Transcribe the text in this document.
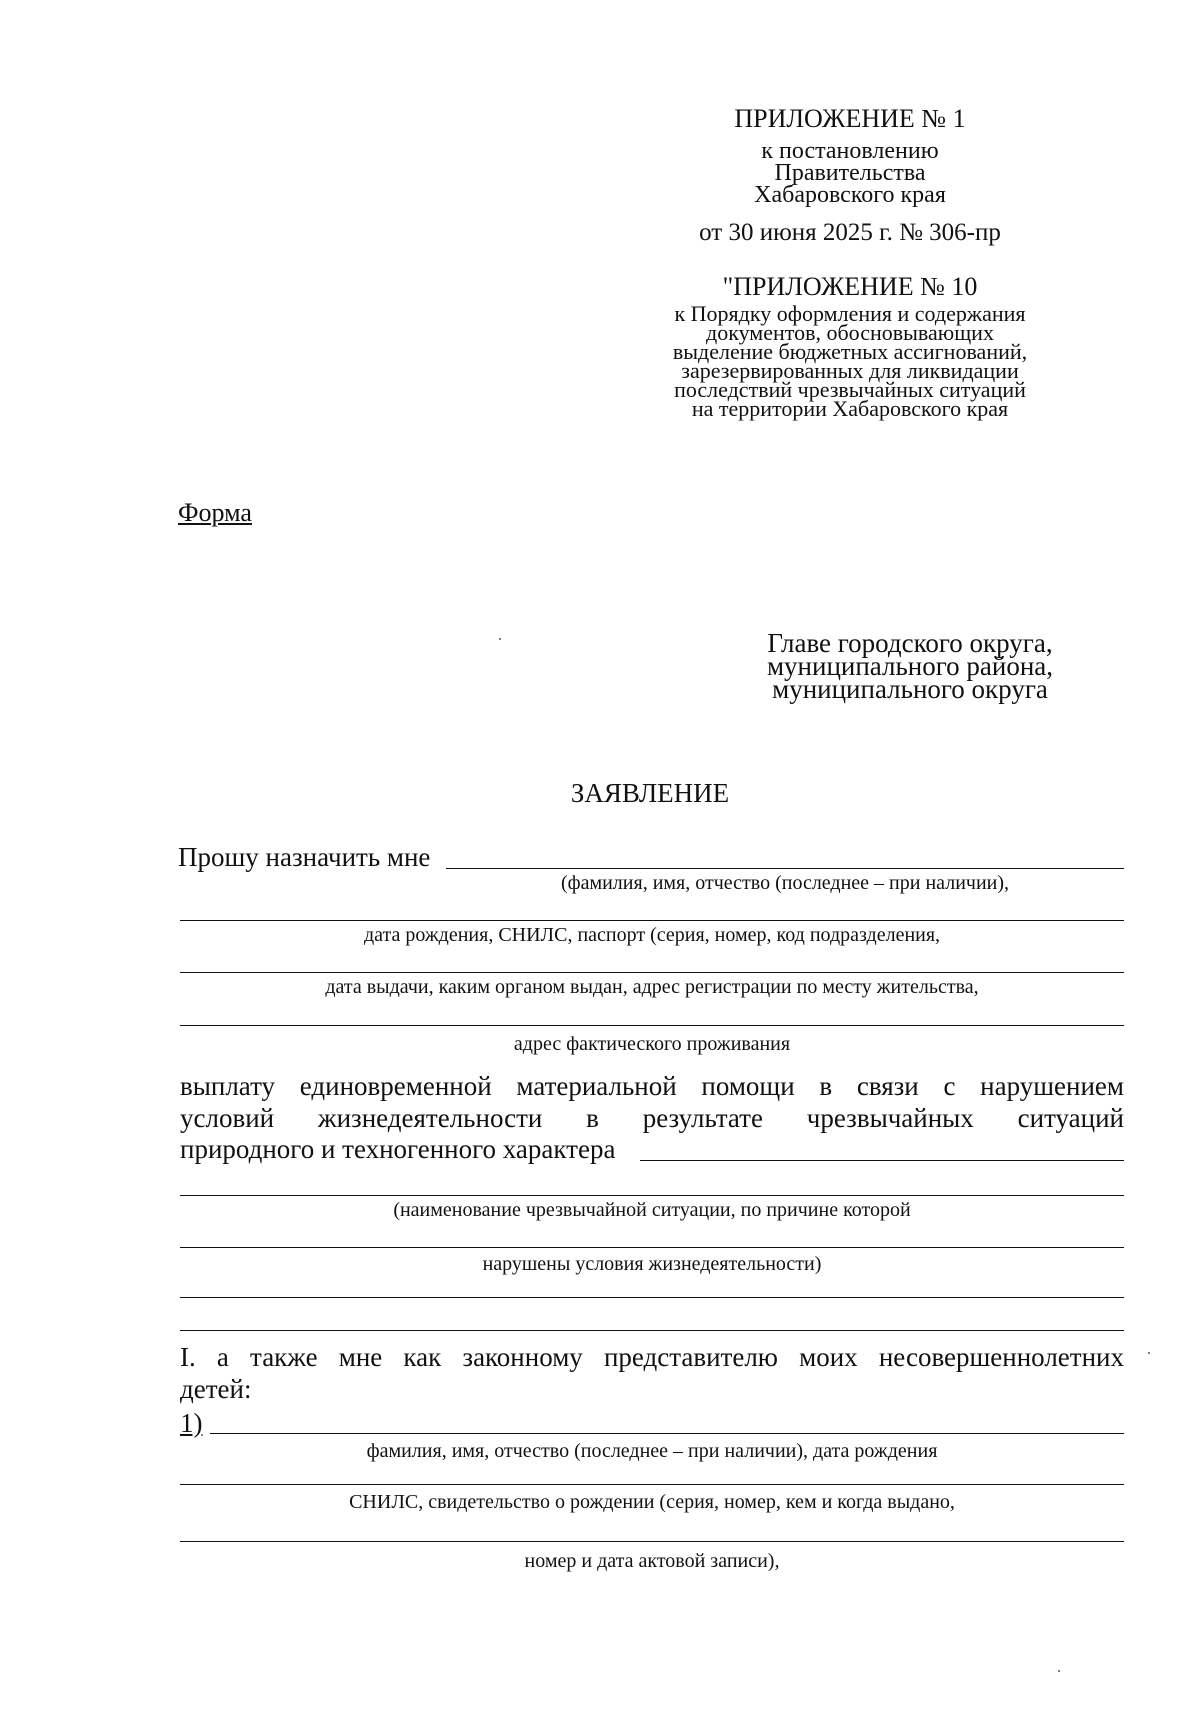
ПРИЛОЖЕНИЕ № 1
к постановлению
Правительства
Хабаровского края
от 30 июня 2025 г. № 306-пр
"ПРИЛОЖЕНИЕ № 10
к Порядку оформления и содержания
документов, обосновывающих
выделение бюджетных ассигнований,
зарезервированных для ликвидации
последствий чрезвычайных ситуаций
на территории Хабаровского края
Форма
Главе городского округа,
муниципального района,
муниципального округа
ЗАЯВЛЕНИЕ
Прошу назначить мне
(фамилия, имя, отчество (последнее – при наличии),
дата рождения, СНИЛС, паспорт (серия, номер, код подразделения,
дата выдачи, каким органом выдан, адрес регистрации по месту жительства,
адрес фактического проживания
выплату единовременной материальной помощи в связи с нарушением
условий жизнедеятельности в результате чрезвычайных ситуаций
природного и техногенного характера
(наименование чрезвычайной ситуации, по причине которой
нарушены условия жизнедеятельности)
I. а также мне как законному представителю моих несовершеннолетних
детей:
1)
фамилия, имя, отчество (последнее – при наличии), дата рождения
СНИЛС, свидетельство о рождении (серия, номер, кем и когда выдано,
номер и дата актовой записи),
